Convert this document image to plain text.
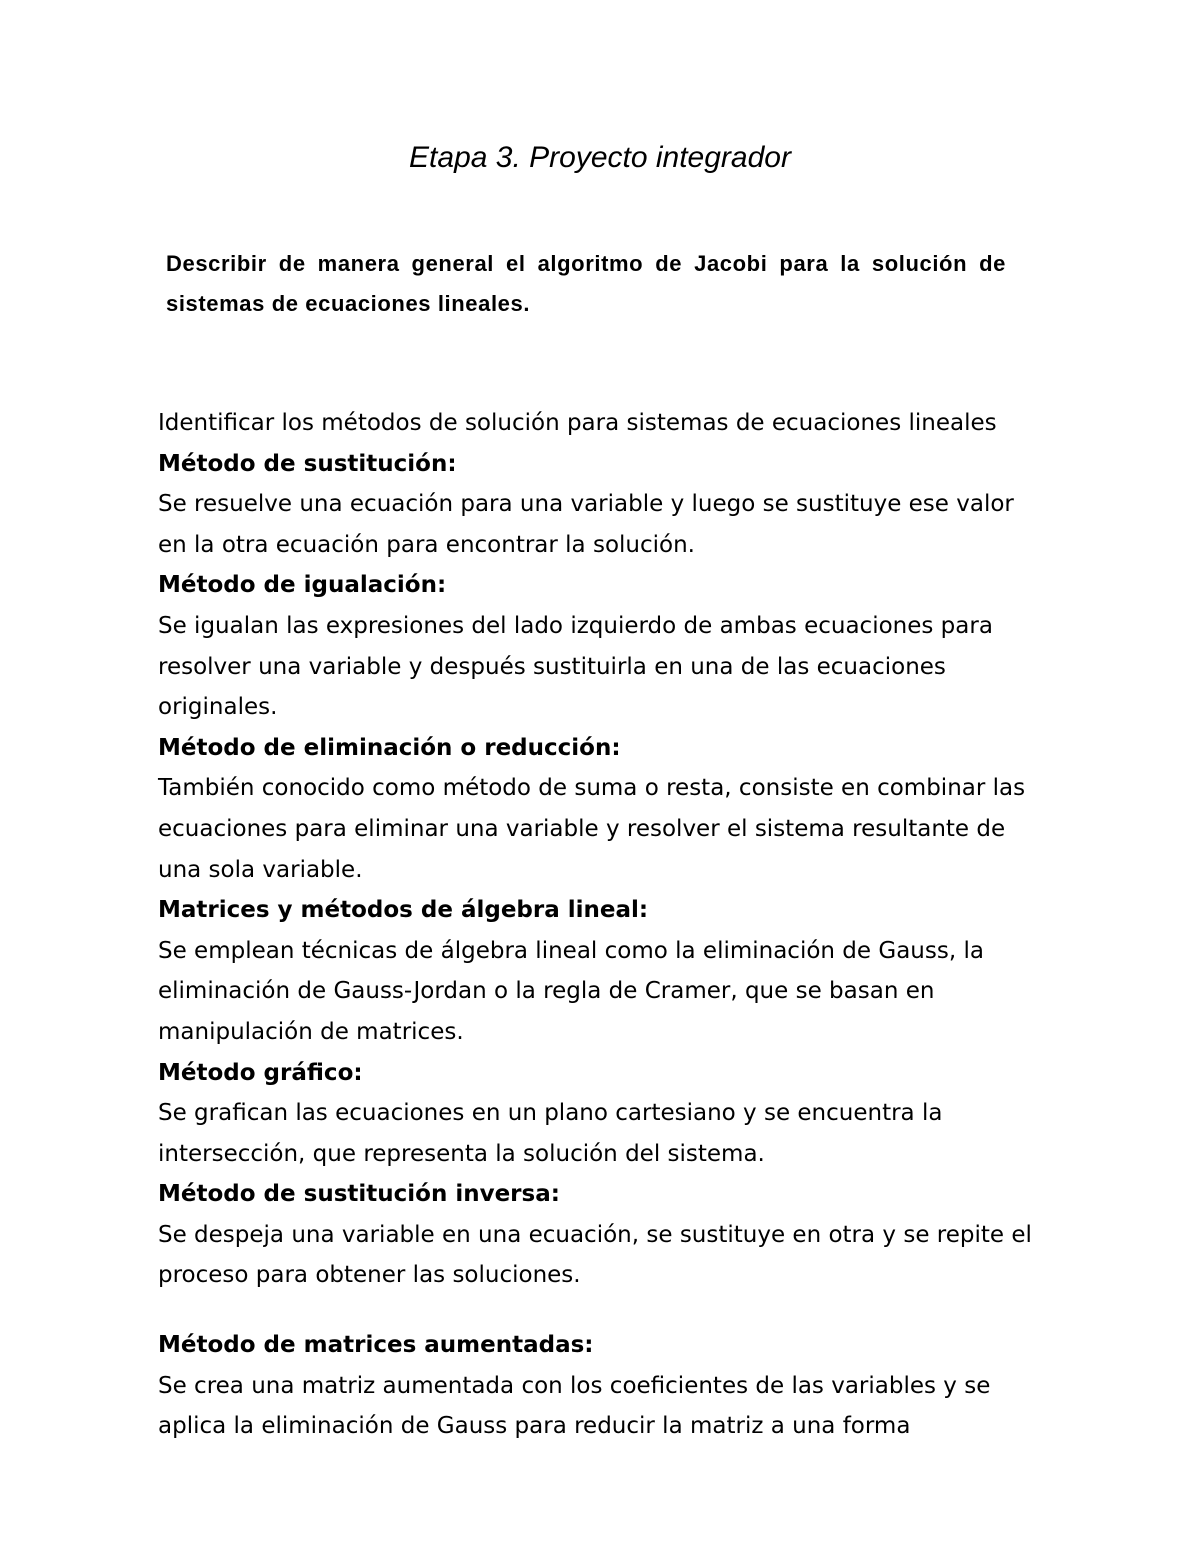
Etapa 3. Proyecto integrador

Describir de manera general el algoritmo de Jacobi para la solución de sistemas de ecuaciones lineales.

Identificar los métodos de solución para sistemas de ecuaciones lineales

Método de sustitución:

Se resuelve una ecuación para una variable y luego se sustituye ese valor en la otra ecuación para encontrar la solución.

Método de igualación:

Se igualan las expresiones del lado izquierdo de ambas ecuaciones para resolver una variable y después sustituirla en una de las ecuaciones originales.

Método de eliminación o reducción:

También conocido como método de suma o resta, consiste en combinar las ecuaciones para eliminar una variable y resolver el sistema resultante de una sola variable.

Matrices y métodos de álgebra lineal:

Se emplean técnicas de álgebra lineal como la eliminación de Gauss, la eliminación de Gauss-Jordan o la regla de Cramer, que se basan en manipulación de matrices.

Método gráfico:

Se grafican las ecuaciones en un plano cartesiano y se encuentra la intersección, que representa la solución del sistema.

Método de sustitución inversa:

Se despeja una variable en una ecuación, se sustituye en otra y se repite el proceso para obtener las soluciones.

Método de matrices aumentadas:

Se crea una matriz aumentada con los coeficientes de las variables y se aplica la eliminación de Gauss para reducir la matriz a una forma
